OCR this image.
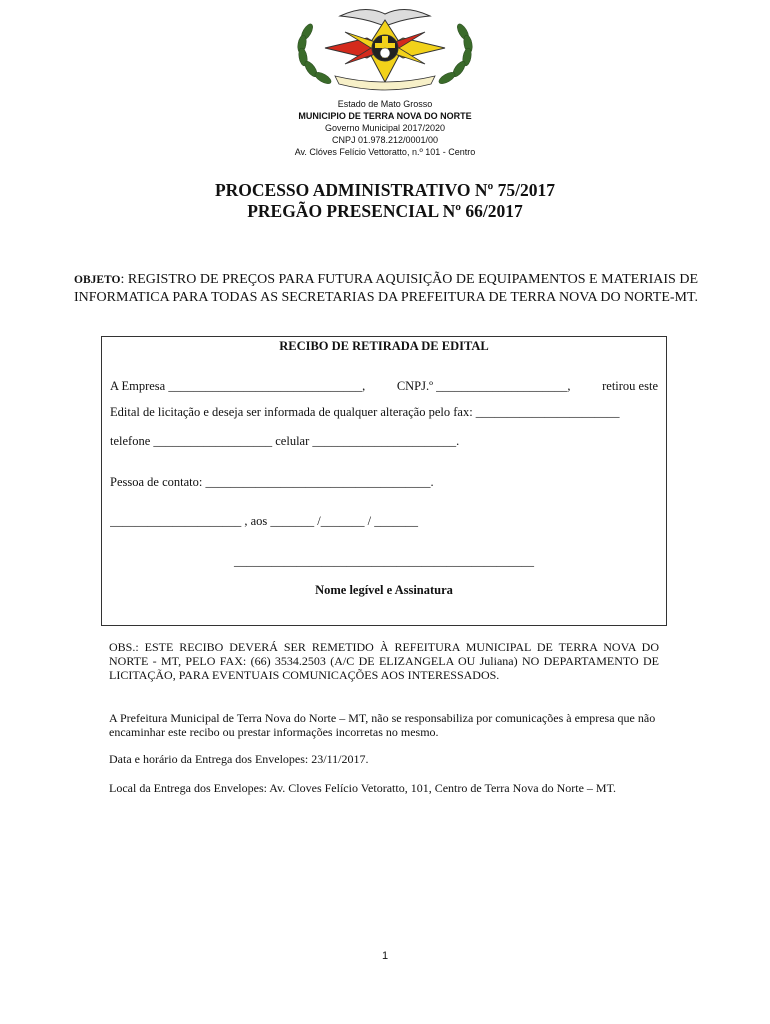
Estado de Mato Grosso
MUNICIPIO DE TERRA NOVA DO NORTE
Governo Municipal 2017/2020
CNPJ 01.978.212/0001/00
Av. Clóves Felício Vettoratto, n.º 101 - Centro
PROCESSO ADMINISTRATIVO Nº 75/2017
PREGÃO PRESENCIAL Nº 66/2017
OBJETO: REGISTRO DE PREÇOS PARA FUTURA AQUISIÇÃO DE EQUIPAMENTOS E MATERIAIS DE INFORMATICA PARA TODAS AS SECRETARIAS DA PREFEITURA DE TERRA NOVA DO NORTE-MT.
RECIBO DE RETIRADA DE EDITAL
A Empresa _______________________________,	CNPJ.º _____________________,	retirou este
Edital de licitação e deseja ser informada de qualquer alteração pelo fax: _______________________
telefone ___________________ celular _______________________.
Pessoa de contato: ____________________________________.
_____________________ , aos _______ /_______ / _______
________________________________________________
Nome legível e Assinatura
OBS.: ESTE RECIBO DEVERÁ SER REMETIDO À REFEITURA MUNICIPAL DE TERRA NOVA DO NORTE - MT, PELO FAX: (66) 3534.2503 (A/C DE ELIZANGELA OU Juliana) NO DEPARTAMENTO DE LICITAÇÃO, PARA EVENTUAIS COMUNICAÇÕES AOS INTERESSADOS.
A Prefeitura Municipal de Terra Nova do Norte – MT, não se responsabiliza por comunicações à empresa que não encaminhar este recibo ou prestar informações incorretas no mesmo.
Data e horário da Entrega dos Envelopes: 23/11/2017.
Local da Entrega dos Envelopes: Av. Cloves Felício Vetoratto, 101, Centro de Terra Nova do Norte – MT.
1
